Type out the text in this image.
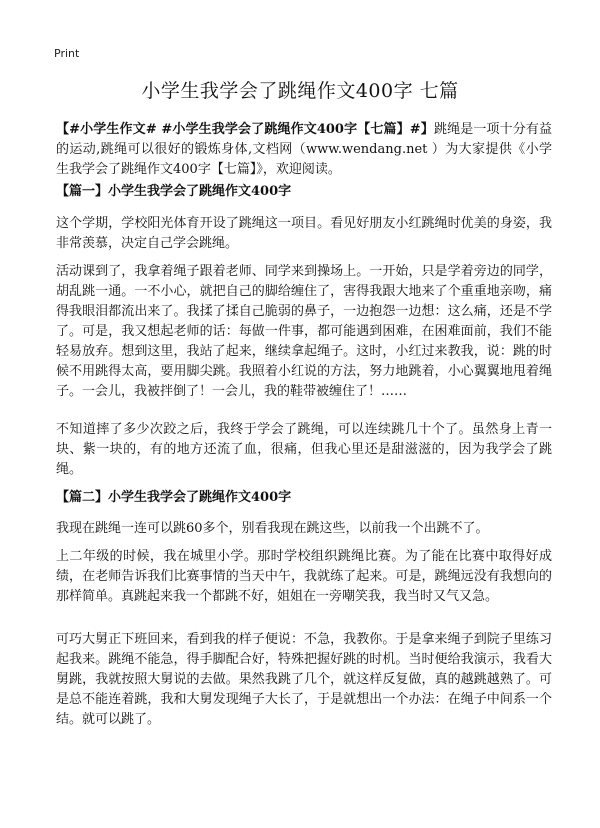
Print
小学生我学会了跳绳作文400字 七篇
【#小学生作文# #小学生我学会了跳绳作文400字【七篇】#】跳绳是一项十分有益的运动,跳绳可以很好的锻炼身体,文档网（www.wendang.net ）为大家提供《小学生我学会了跳绳作文400字【七篇】》，欢迎阅读。
【篇一】小学生我学会了跳绳作文400字
这个学期，学校阳光体育开设了跳绳这一项目。看见好朋友小红跳绳时优美的身姿，我非常羡慕，决定自己学会跳绳。
活动课到了，我拿着绳子跟着老师、同学来到操场上。一开始，只是学着旁边的同学，胡乱跳一通。一不小心，就把自己的脚给缠住了，害得我跟大地来了个重重地亲吻，痛得我眼泪都流出来了。我揉了揉自己脆弱的鼻子，一边抱怨一边想：这么痛，还是不学了。可是，我又想起老师的话：每做一件事，都可能遇到困难，在困难面前，我们不能轻易放弃。想到这里，我站了起来，继续拿起绳子。这时，小红过来教我，说：跳的时候不用跳得太高，要用脚尖跳。我照着小红说的方法，努力地跳着，小心翼翼地甩着绳子。一会儿，我被拌倒了！一会儿，我的鞋带被缠住了！……
不知道摔了多少次跤之后，我终于学会了跳绳，可以连续跳几十个了。虽然身上青一块、紫一块的，有的地方还流了血，很痛，但我心里还是甜滋滋的，因为我学会了跳绳。
【篇二】小学生我学会了跳绳作文400字
我现在跳绳一连可以跳60多个，别看我现在跳这些，以前我一个出跳不了。
上二年级的时候，我在城里小学。那时学校组织跳绳比赛。为了能在比赛中取得好成绩，在老师告诉我们比赛事情的当天中午，我就练了起来。可是，跳绳远没有我想向的那样简单。真跳起来我一个都跳不好，姐姐在一旁嘲笑我，我当时又气又急。
可巧大舅正下班回来，看到我的样子便说：不急，我教你。于是拿来绳子到院子里练习起我来。跳绳不能急，得手脚配合好，特殊把握好跳的时机。当时便给我演示，我看大舅跳，我就按照大舅说的去做。果然我跳了几个，就这样反复做，真的越跳越熟了。可是总不能连着跳，我和大舅发现绳子大长了，于是就想出一个办法：在绳子中间系一个结。就可以跳了。
